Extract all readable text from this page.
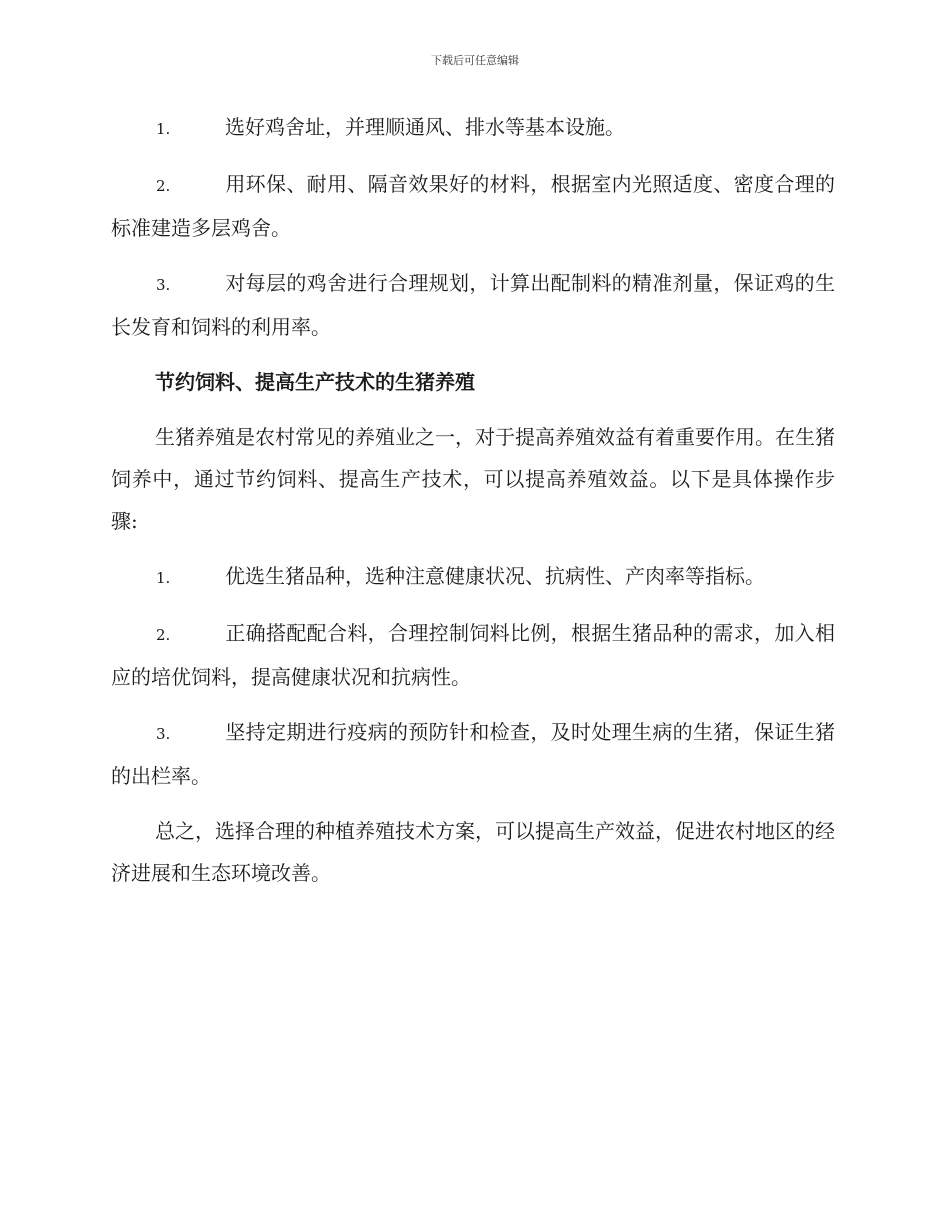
下载后可任意编辑
1.	选好鸡舍址，并理顺通风、排水等基本设施。
2.	用环保、耐用、隔音效果好的材料，根据室内光照适度、密度合理的标准建造多层鸡舍。
3.	对每层的鸡舍进行合理规划，计算出配制料的精准剂量，保证鸡的生长发育和饲料的利用率。
节约饲料、提高生产技术的生猪养殖
生猪养殖是农村常见的养殖业之一，对于提高养殖效益有着重要作用。在生猪饲养中，通过节约饲料、提高生产技术，可以提高养殖效益。以下是具体操作步骤:
1.	优选生猪品种，选种注意健康状况、抗病性、产肉率等指标。
2.	正确搭配配合料，合理控制饲料比例，根据生猪品种的需求，加入相应的培优饲料，提高健康状况和抗病性。
3.	坚持定期进行疫病的预防针和检查，及时处理生病的生猪，保证生猪的出栏率。
总之，选择合理的种植养殖技术方案，可以提高生产效益，促进农村地区的经济进展和生态环境改善。
